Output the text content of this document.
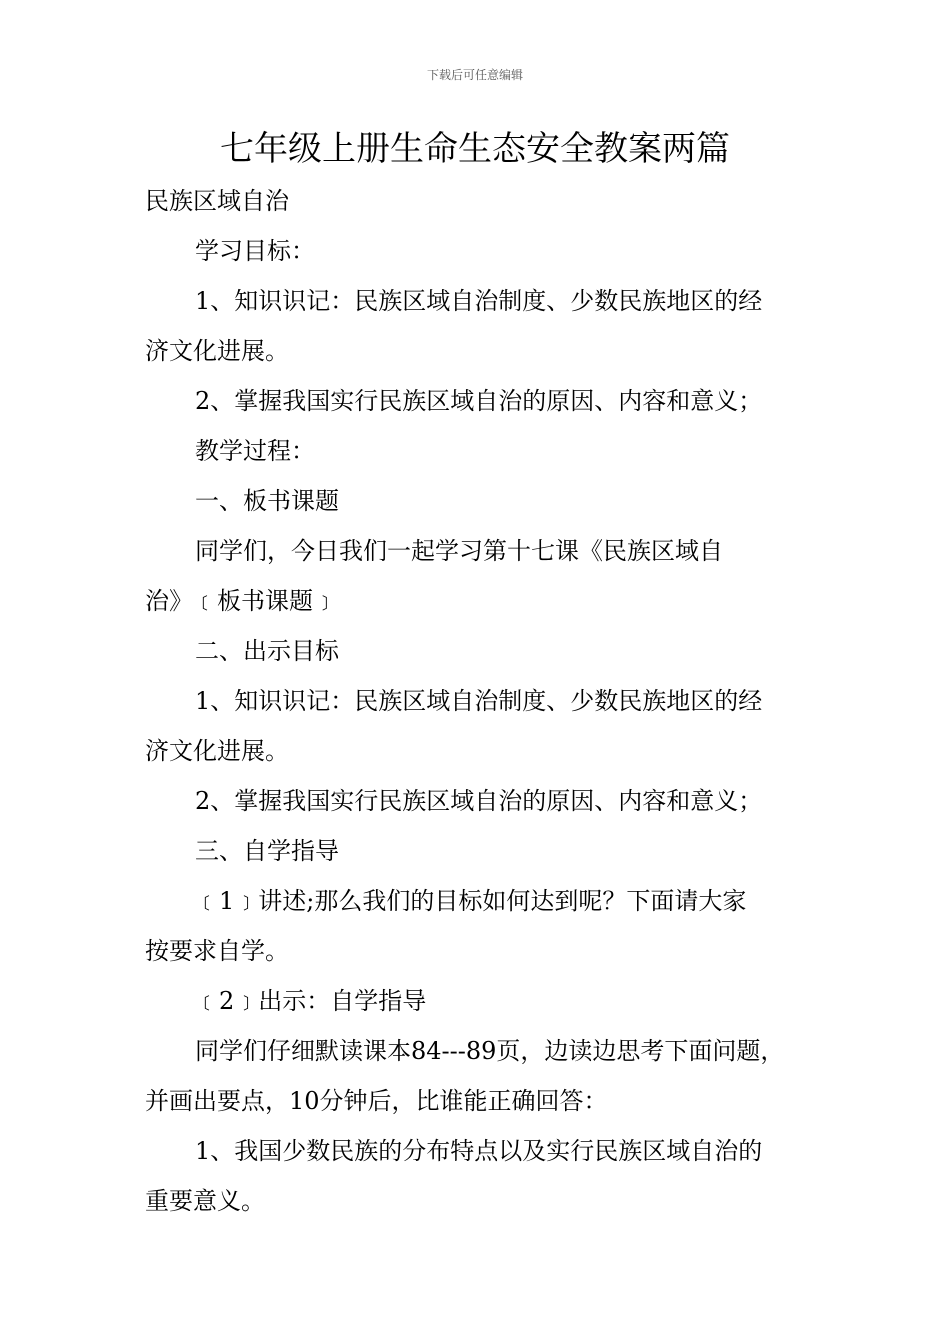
下载后可任意编辑
七年级上册生命生态安全教案两篇
民族区域自治
学习目标：
1、知识识记：民族区域自治制度、少数民族地区的经
济文化进展。
2、掌握我国实行民族区域自治的原因、内容和意义；
教学过程：
一、板书课题
同学们，今日我们一起学习第十七课《民族区域自
治》﹝板书课题﹞
二、出示目标
1、知识识记：民族区域自治制度、少数民族地区的经
济文化进展。
2、掌握我国实行民族区域自治的原因、内容和意义；
三、自学指导
﹝1﹞讲述;那么我们的目标如何达到呢？下面请大家
按要求自学。
﹝2﹞出示：自学指导
同学们仔细默读课本84---89页，边读边思考下面问题，
并画出要点，10分钟后，比谁能正确回答：
1、我国少数民族的分布特点以及实行民族区域自治的
重要意义。
